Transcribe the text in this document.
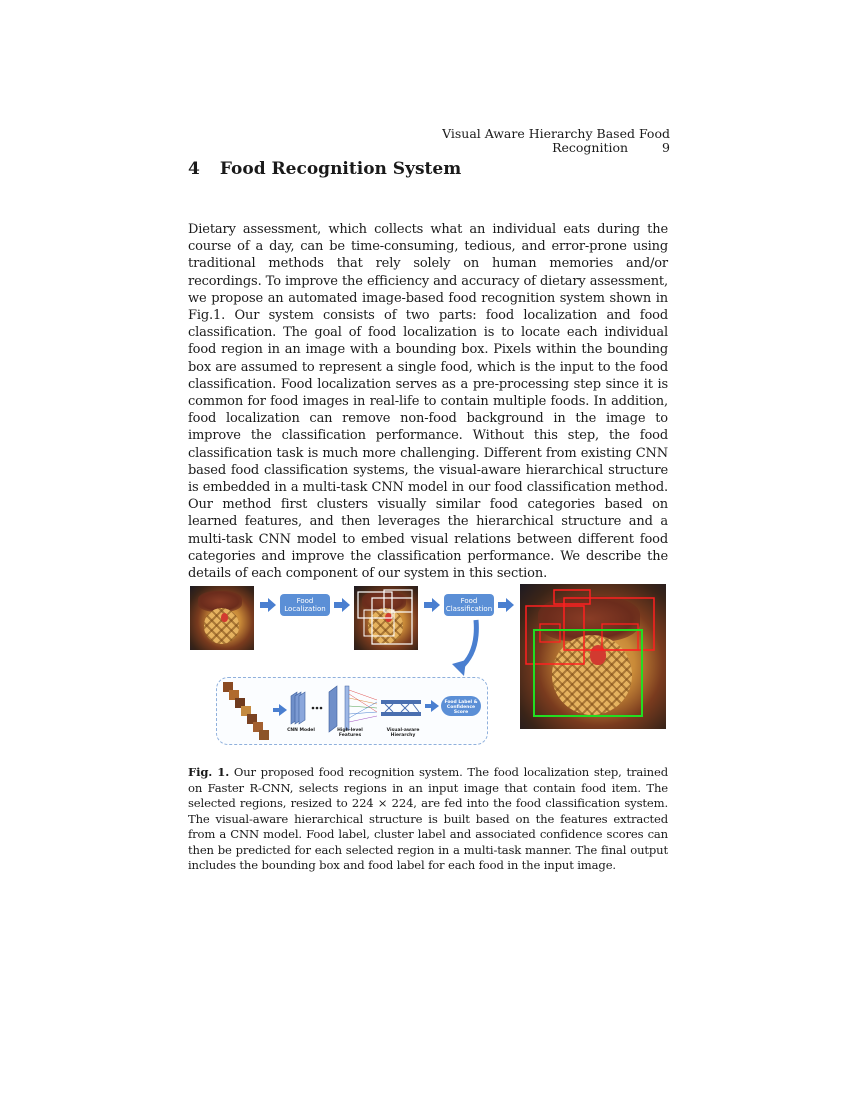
Visual Aware Hierarchy Based Food Recognition	9
4 Food Recognition System

Dietary assessment, which collects what an individual eats during the course of a day, can be time-consuming, tedious, and error-prone using traditional methods that rely solely on human memories and/or recordings. To improve the efficiency and accuracy of dietary assessment, we propose an automated image-based food recognition system shown in Fig.1. Our system consists of two parts: food localization and food classification. The goal of food localization is to locate each individual food region in an image with a bounding box. Pixels within the bounding box are assumed to represent a single food, which is the input to the food classification. Food localization serves as a pre-processing step since it is common for food images in real-life to contain multiple foods. In addition, food localization can remove non-food background in the image to improve the classification performance. Without this step, the food classification task is much more challenging. Different from existing CNN based food classification systems, the visual-aware hierarchical structure is embedded in a multi-task CNN model in our food classification method. Our method first clusters visually similar food categories based on learned features, and then leverages the hierarchical structure and a multi-task CNN model to embed visual relations between different food categories and improve the classification performance. We describe the details of each component of our system in this section.

Food Localization
Food Classification
CNN Model	High-level Features
Visual-aware Hierarchy
Food Label & Confidence Score
Fig. 1. Our proposed food recognition system. The food localization step, trained on Faster R-CNN, selects regions in an input image that contain food item. The selected regions, resized to 224 × 224, are fed into the food classification system. The visual-aware hierarchical structure is built based on the features extracted from a CNN model. Food label, cluster label and associated confidence scores can then be predicted for each selected region in a multi-task manner. The final output includes the bounding box and food label for each food in the input image.
